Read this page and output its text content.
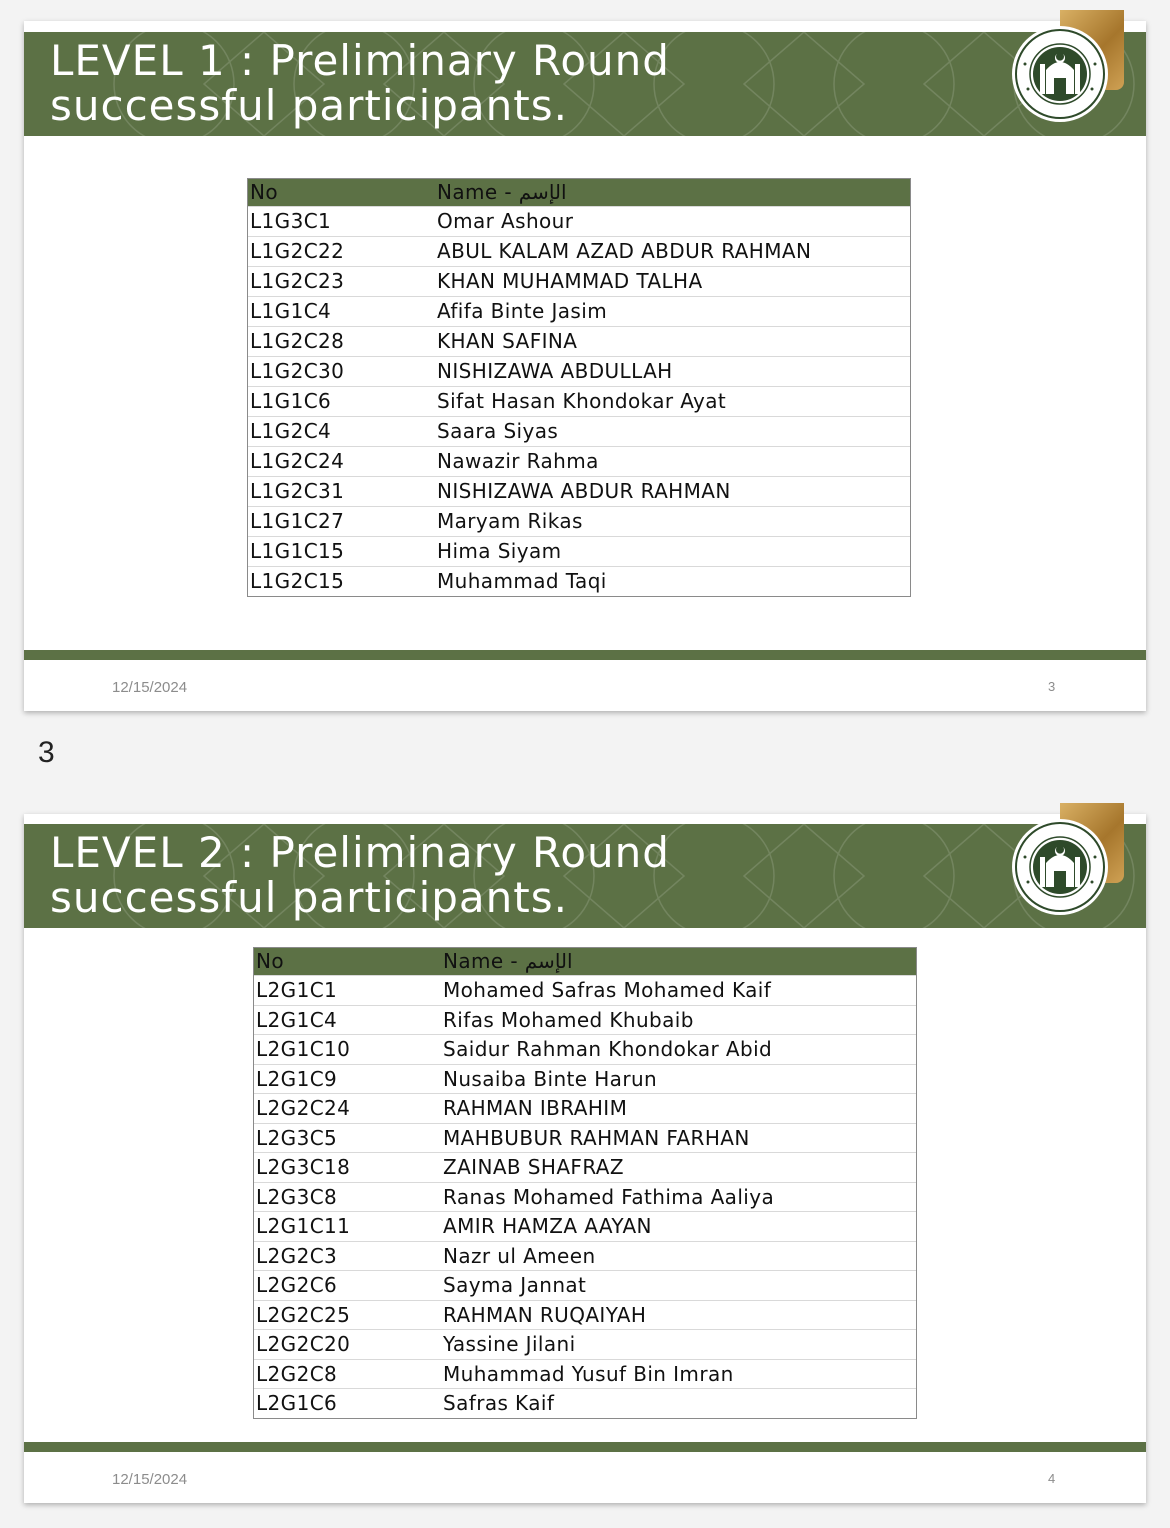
LEVEL 1 : Preliminary Round
successful participants.
No	Name - الإسم
L1G3C1	Omar Ashour
L1G2C22	ABUL KALAM AZAD ABDUR RAHMAN
L1G2C23	KHAN MUHAMMAD TALHA
L1G1C4	Afifa Binte Jasim
L1G2C28	KHAN SAFINA
L1G2C30	NISHIZAWA ABDULLAH
L1G1C6	Sifat Hasan Khondokar Ayat
L1G2C4	Saara Siyas
L1G2C24	Nawazir Rahma
L1G2C31	NISHIZAWA ABDUR RAHMAN
L1G1C27	Maryam Rikas
L1G1C15	Hima Siyam
L1G2C15	Muhammad Taqi
12/15/2024	3
3
LEVEL 2 : Preliminary Round
successful participants.
No	Name - الإسم
L2G1C1	Mohamed Safras Mohamed Kaif
L2G1C4	Rifas Mohamed Khubaib
L2G1C10	Saidur Rahman Khondokar Abid
L2G1C9	Nusaiba Binte Harun
L2G2C24	RAHMAN IBRAHIM
L2G3C5	MAHBUBUR RAHMAN FARHAN
L2G3C18	ZAINAB SHAFRAZ
L2G3C8	Ranas Mohamed Fathima Aaliya
L2G1C11	AMIR HAMZA AAYAN
L2G2C3	Nazr ul Ameen
L2G2C6	Sayma Jannat
L2G2C25	RAHMAN RUQAIYAH
L2G2C20	Yassine Jilani
L2G2C8	Muhammad Yusuf Bin Imran
L2G1C6	Safras Kaif
12/15/2024	4
